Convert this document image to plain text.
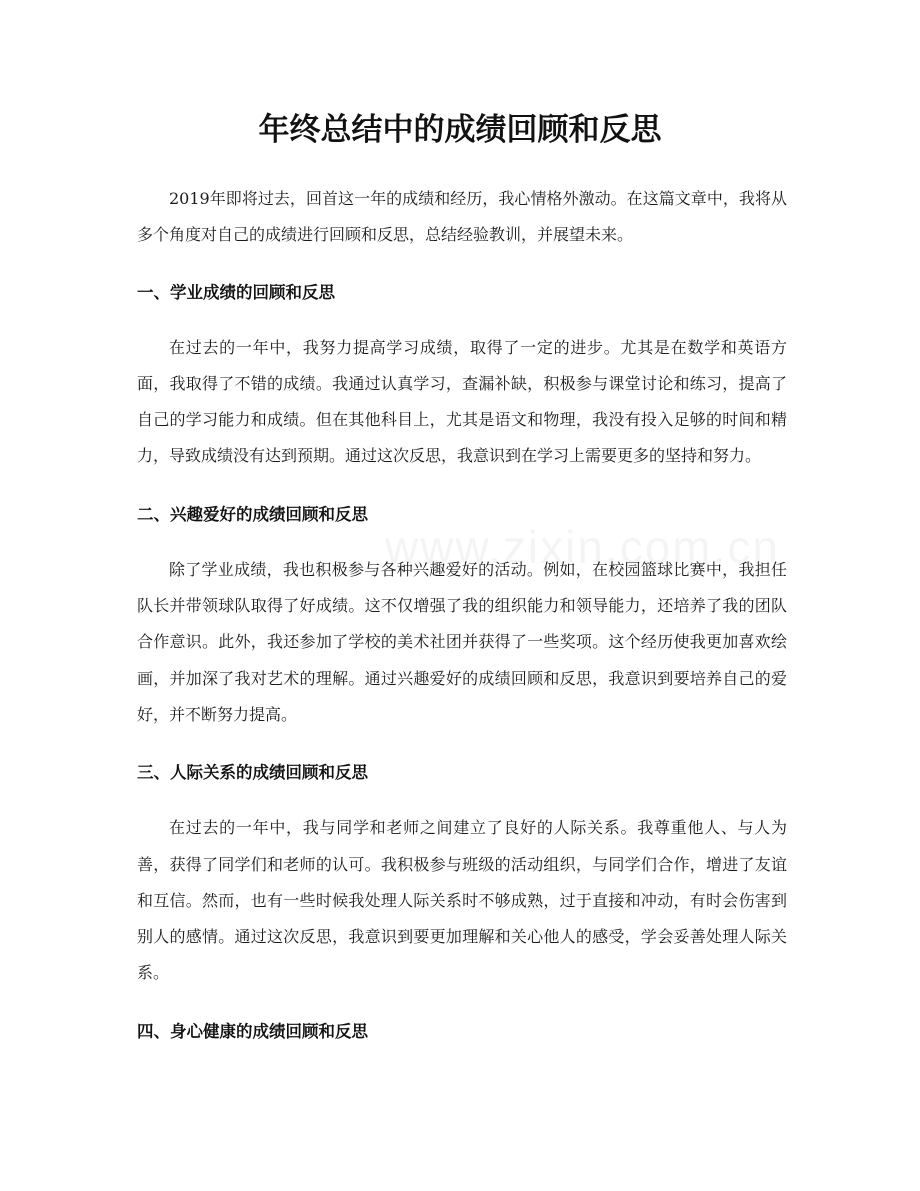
年终总结中的成绩回顾和反思

2019年即将过去，回首这一年的成绩和经历，我心情格外激动。在这篇文章中，我将从多个角度对自己的成绩进行回顾和反思，总结经验教训，并展望未来。

一、学业成绩的回顾和反思

在过去的一年中，我努力提高学习成绩，取得了一定的进步。尤其是在数学和英语方面，我取得了不错的成绩。我通过认真学习，查漏补缺，积极参与课堂讨论和练习，提高了自己的学习能力和成绩。但在其他科目上，尤其是语文和物理，我没有投入足够的时间和精力，导致成绩没有达到预期。通过这次反思，我意识到在学习上需要更多的坚持和努力。

二、兴趣爱好的成绩回顾和反思

除了学业成绩，我也积极参与各种兴趣爱好的活动。例如，在校园篮球比赛中，我担任队长并带领球队取得了好成绩。这不仅增强了我的组织能力和领导能力，还培养了我的团队合作意识。此外，我还参加了学校的美术社团并获得了一些奖项。这个经历使我更加喜欢绘画，并加深了我对艺术的理解。通过兴趣爱好的成绩回顾和反思，我意识到要培养自己的爱好，并不断努力提高。

三、人际关系的成绩回顾和反思

在过去的一年中，我与同学和老师之间建立了良好的人际关系。我尊重他人、与人为善，获得了同学们和老师的认可。我积极参与班级的活动组织，与同学们合作，增进了友谊和互信。然而，也有一些时候我处理人际关系时不够成熟，过于直接和冲动，有时会伤害到别人的感情。通过这次反思，我意识到要更加理解和关心他人的感受，学会妥善处理人际关系。

四、身心健康的成绩回顾和反思
